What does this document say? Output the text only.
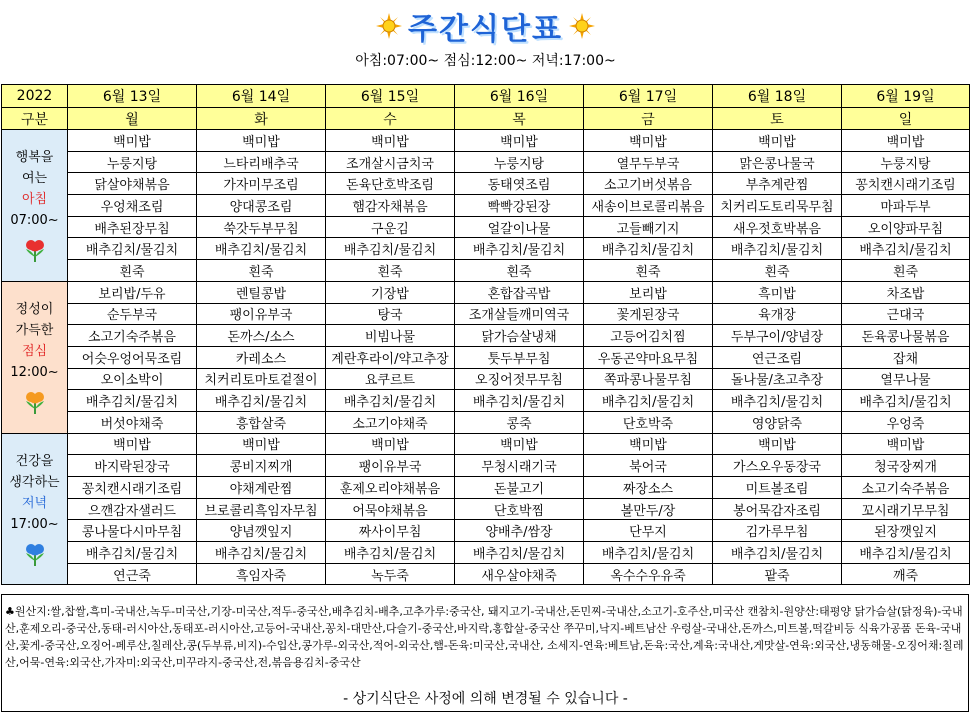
주간식단표
아침:07:00~ 점심:12:00~ 저녁:17:00~
2022	6월 13일	6월 14일	6월 15일	6월 16일	6월 17일	6월 18일	6월 19일
구분	월	화	수	목	금	토	일

행복을
여는
아침
07:00~	백미밥	백미밥	백미밥	백미밥	백미밥	백미밥	백미밥
	누룽지탕	느타리배추국	조개살시금치국	누룽지탕	열무두부국	맑은콩나물국	누룽지탕
	닭살야채볶음	가자미무조림	돈육단호박조림	동태엿조림	소고기버섯볶음	부추계란찜	꽁치캔시래기조림
	우엉채조림	양대콩조림	햄감자채볶음	빡빡강된장	새송이브로콜리볶음	치커리도토리묵무침	마파두부
	배추된장무침	쑥갓두부무침	구운김	얼갈이나물	고들빼기지	새우젓호박볶음	오이양파무침
	배추김치/물김치	배추김치/물김치	배추김치/물김치	배추김치/물김치	배추김치/물김치	배추김치/물김치	배추김치/물김치
	흰죽	흰죽	흰죽	흰죽	흰죽	흰죽	흰죽

정성이
가득한
점심
12:00~	보리밥/두유	렌틸콩밥	기장밥	혼합잡곡밥	보리밥	흑미밥	차조밥
	순두부국	팽이유부국	탕국	조개살들깨미역국	꽃게된장국	육개장	근대국
	소고기숙주볶음	돈까스/소스	비빔나물	닭가슴살냉채	고등어김치찜	두부구이/양념장	돈육콩나물볶음
	어슷우엉어묵조림	카레소스	계란후라이/약고추장	툿두부무침	우동곤약마요무침	연근조림	잡채
	오이소박이	치커리토마토겉절이	요쿠르트	오징어젓무무침	쪽파콩나물무침	돌나물/초고추장	열무나물
	배추김치/물김치	배추김치/물김치	배추김치/물김치	배추김치/물김치	배추김치/물김치	배추김치/물김치	배추김치/물김치
	버섯야채죽	흥합살죽	소고기야채죽	콩죽	단호박죽	영양닭죽	우엉죽

건강을
생각하는
저녁
17:00~	백미밥	백미밥	백미밥	백미밥	백미밥	백미밥	백미밥
	바지락된장국	콩비지찌개	팽이유부국	무청시래기국	북어국	가스오우동장국	청국장찌개
	꽁치캔시래기조림	야채계란찜	훈제오리야채볶음	돈불고기	짜장소스	미트볼조림	소고기숙주볶음
	으깬감자샐러드	브로콜리흑임자무침	어묵야채볶음	단호박찜	볼만두/장	봉어묵감자조림	꼬시래기무무침
	콩나물다시마무침	양념깻잎지	짜사이무침	양배추/쌈장	단무지	김가루무침	된장깻잎지
	배추김치/물김치	배추김치/물김치	배추김치/물김치	배추김치/물김치	배추김치/물김치	배추김치/물김치	배추김치/물김치
	연근죽	흑임자죽	녹두죽	새우살야채죽	옥수수우유죽	팥죽	깨죽
♣원산지:쌀,찹쌀,흑미-국내산,녹두-미국산,기장-미국산,적두-중국산,배추김치-배추,고추가루:중국산, 돼지고기-국내산,돈민찌-국내산,소고기-호주산,미국산 캔참치-원양산:태평양 닭가슴살(닭정육)-국내산,훈제오리-중국산,동태-러시아산,동태포-러시아산,고등어-국내산,꽁치-대만산,다슬기-중국산,바지락,홍합살-중국산 쭈꾸미,낙지-베트남산 우렁살-국내산,돈까스,미트볼,떡갈비등 식육가공품 돈육-국내산,꽃게-중국산,오징어-페루산,칠레산,콩(두부류,비지)-수입산,콩가루-외국산,적어-외국산,햄-돈육:미국산,국내산, 소세지-연육:베트남,돈육:국산,계육:국내산,게맛살-연육:외국산,냉동해물-오징어채:칠레산,어묵-연육:외국산,가자미:외국산,미꾸라지-중국산,전,볶음용김치-중국산
- 상기식단은 사정에 의해 변경될 수 있습니다 -
